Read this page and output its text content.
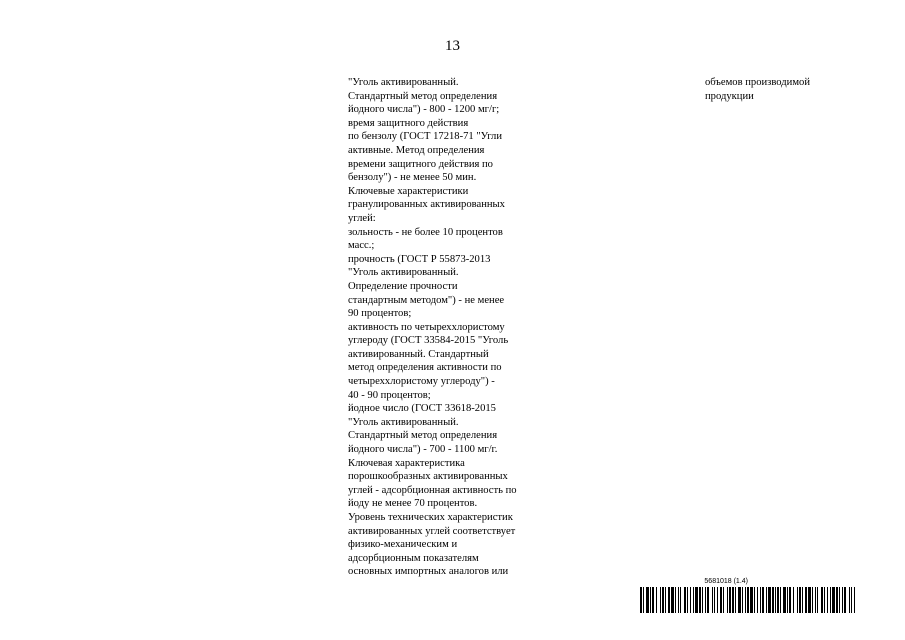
13
"Уголь активированный.
Стандартный метод определения
йодного числа") - 800 - 1200 мг/г;
время защитного действия
по бензолу (ГОСТ 17218-71 "Угли
активные. Метод определения
времени защитного действия по
бензолу") - не менее 50 мин.
Ключевые характеристики
гранулированных активированных
углей:
зольность - не более 10 процентов
масс.;
прочность (ГОСТ Р 55873-2013
"Уголь активированный.
Определение прочности
стандартным методом") - не менее
90 процентов;
активность по четыреххлористому
углероду (ГОСТ 33584-2015 "Уголь
активированный. Стандартный
метод определения активности по
четыреххлористому углероду") -
40 - 90 процентов;
йодное число (ГОСТ 33618-2015
"Уголь активированный.
Стандартный метод определения
йодного числа") - 700 - 1100 мг/г.
Ключевая характеристика
порошкообразных активированных
углей - адсорбционная активность по
йоду не менее 70 процентов.
Уровень технических характеристик
активированных углей соответствует
физико-механическим и
адсорбционным показателям
основных импортных аналогов или
объемов производимой
продукции
5681018 (1.4)
